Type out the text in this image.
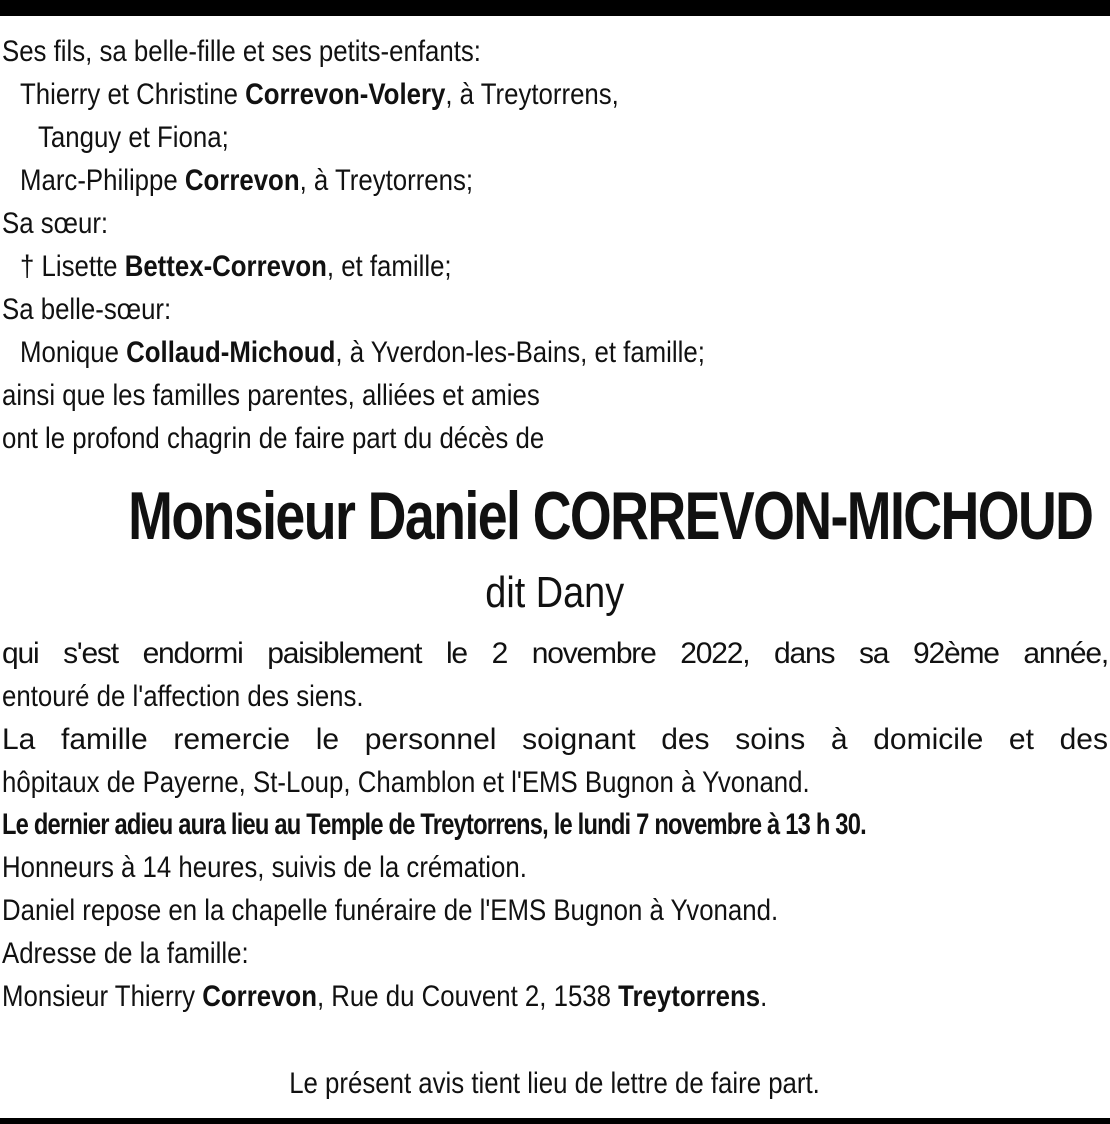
Ses fils, sa belle-fille et ses petits-enfants:
Thierry et Christine Correvon-Volery, à Treytorrens,
Tanguy et Fiona;
Marc-Philippe Correvon, à Treytorrens;
Sa sœur:
† Lisette Bettex-Correvon, et famille;
Sa belle-sœur:
Monique Collaud-Michoud, à Yverdon-les-Bains, et famille;
ainsi que les familles parentes, alliées et amies
ont le profond chagrin de faire part du décès de
Monsieur Daniel CORREVON-MICHOUD
dit Dany
qui s'est endormi paisiblement le 2 novembre 2022, dans sa 92ème année,
entouré de l'affection des siens.
La famille remercie le personnel soignant des soins à domicile et des
hôpitaux de Payerne, St-Loup, Chamblon et l'EMS Bugnon à Yvonand.
Le dernier adieu aura lieu au Temple de Treytorrens, le lundi 7 novembre à 13 h 30.
Honneurs à 14 heures, suivis de la crémation.
Daniel repose en la chapelle funéraire de l'EMS Bugnon à Yvonand.
Adresse de la famille:
Monsieur Thierry Correvon, Rue du Couvent 2, 1538 Treytorrens.
Le présent avis tient lieu de lettre de faire part.
